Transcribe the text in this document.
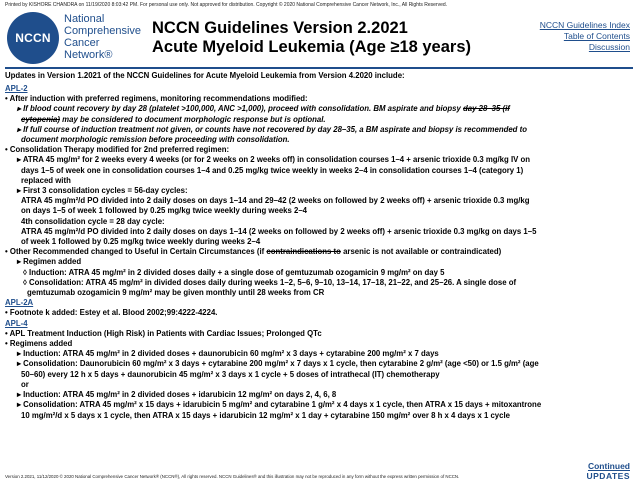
Printed by KISHORE CHANDRA on 11/19/2020 8:03:42 PM. For personal use only. Not approved for distribution. Copyright © 2020 National Comprehensive Cancer Network, Inc., All Rights Reserved.
NCCN
National
Comprehensive
Cancer
Network®
NCCN Guidelines Version 2.2021
Acute Myeloid Leukemia (Age ≥18 years)
NCCN Guidelines Index
Table of Contents
Discussion
Updates in Version 1.2021 of the NCCN Guidelines for Acute Myeloid Leukemia from Version 4.2020 include:

APL-2

• After induction with preferred regimens, monitoring recommendations modified:

▸ If blood count recovery by day 28 (platelet >100,000, ANC >1,000), proceed with consolidation. BM aspirate and biopsy day 28–35 (if

cytopenia) may be considered to document morphologic response but is optional.

▸ If full course of induction treatment not given, or counts have not recovered by day 28–35, a BM aspirate and biopsy is recommended to

document morphologic remission before proceeding with consolidation.

• Consolidation Therapy modified for 2nd preferred regimen:

▸ ATRA 45 mg/m² for 2 weeks every 4 weeks (or for 2 weeks on 2 weeks off) in consolidation courses 1–4 + arsenic trioxide 0.3 mg/kg IV on

days 1–5 of week one in consolidation courses 1–4 and 0.25 mg/kg twice weekly in weeks 2–4 in consolidation courses 1–4 (category 1)

replaced with

▸ First 3 consolidation cycles = 56-day cycles:

ATRA 45 mg/m²/d PO divided into 2 daily doses on days 1–14 and 29–42 (2 weeks on followed by 2 weeks off) + arsenic trioxide 0.3 mg/kg

on days 1–5 of week 1 followed by 0.25 mg/kg twice weekly during weeks 2–4

4th consolidation cycle = 28 day cycle:

ATRA 45 mg/m²/d PO divided into 2 daily doses on days 1–14 (2 weeks on followed by 2 weeks off) + arsenic trioxide 0.3 mg/kg on days 1–5

of week 1 followed by 0.25 mg/kg twice weekly during weeks 2–4

• Other Recommended changed to Useful in Certain Circumstances (if contraindications to arsenic is not available or contraindicated)

▸ Regimen added

◊ Induction: ATRA 45 mg/m² in 2 divided doses daily + a single dose of gemtuzumab ozogamicin 9 mg/m² on day 5

◊ Consolidation: ATRA 45 mg/m² in divided doses daily during weeks 1–2, 5–6, 9–10, 13–14, 17–18, 21–22, and 25–26. A single dose of

gemtuzumab ozogamicin 9 mg/m² may be given monthly until 28 weeks from CR

APL-2A

• Footnote k added: Estey et al. Blood 2002;99:4222-4224.

APL-4

• APL Treatment Induction (High Risk) in Patients with Cardiac Issues; Prolonged QTc

• Regimens added

▸ Induction: ATRA 45 mg/m² in 2 divided doses + daunorubicin 60 mg/m² x 3 days + cytarabine 200 mg/m² x 7 days

▸ Consolidation: Daunorubicin 60 mg/m² x 3 days + cytarabine 200 mg/m² x 7 days x 1 cycle, then cytarabine 2 g/m² (age <50) or 1.5 g/m² (age

50–60) every 12 h x 5 days + daunorubicin 45 mg/m² x 3 days x 1 cycle + 5 doses of intrathecal (IT) chemotherapy

or

▸ Induction: ATRA 45 mg/m² in 2 divided doses + idarubicin 12 mg/m² on days 2, 4, 6, 8

▸ Consolidation: ATRA 45 mg/m² x 15 days + idarubicin 5 mg/m² and cytarabine 1 g/m² x 4 days x 1 cycle, then ATRA x 15 days + mitoxantrone

10 mg/m²/d x 5 days x 1 cycle, then ATRA x 15 days + idarubicin 12 mg/m² x 1 day + cytarabine 150 mg/m² over 8 h x 4 days x 1 cycle

Version 2.2021, 11/12/2020 © 2020 National Comprehensive Cancer Network® (NCCN®), All rights reserved. NCCN Guidelines® and this illustration may not be reproduced in any form without the express written permission of NCCN.
Continued
UPDATES
